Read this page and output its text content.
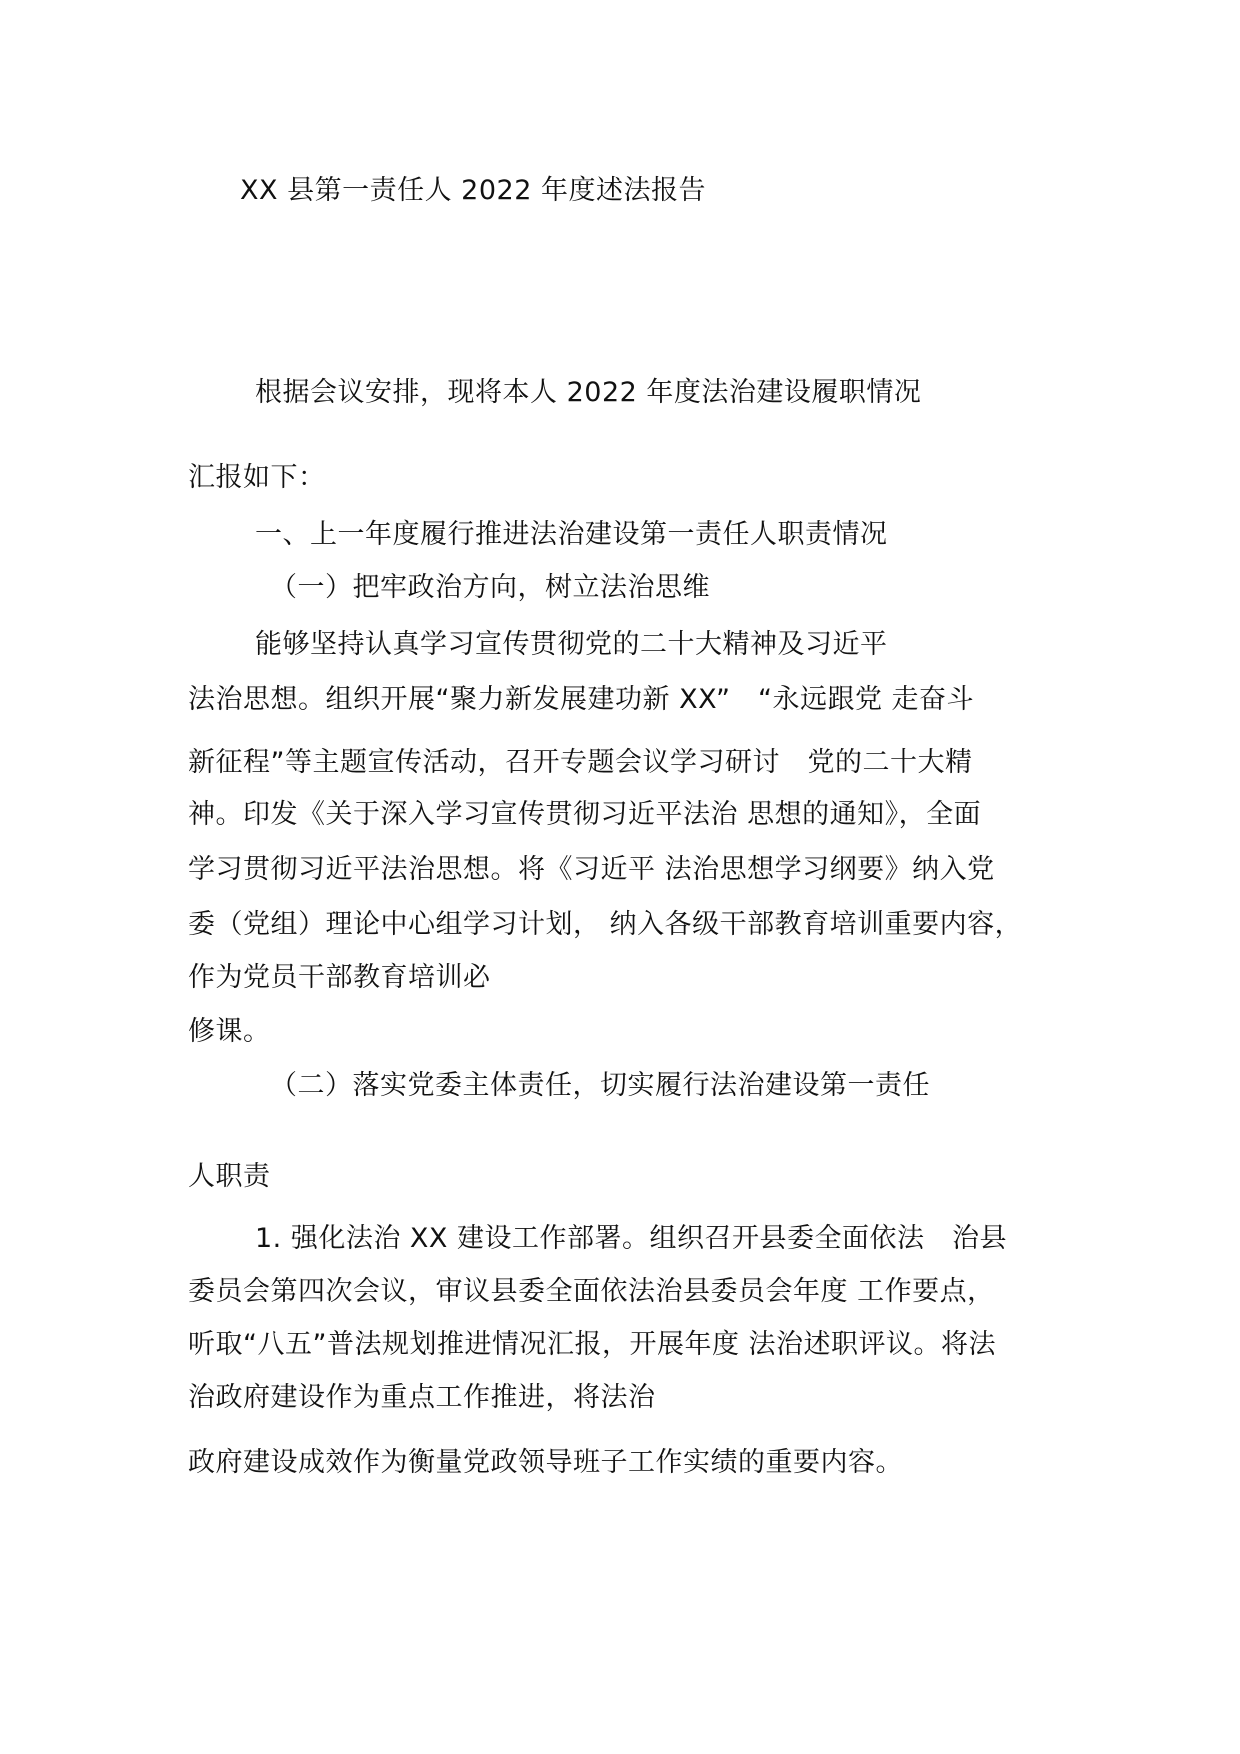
XX 县第一责任人 2022 年度述法报告
根据会议安排，现将本人 2022 年度法治建设履职情况
汇报如下：
一、上一年度履行推进法治建设第一责任人职责情况
（一）把牢政治方向，树立法治思维
能够坚持认真学习宣传贯彻党的二十大精神及习近平
法治思想。组织开展“聚力新发展建功新 XX”　“永远跟党 走奋斗
新征程”等主题宣传活动，召开专题会议学习研讨　党的二十大精
神。印发《关于深入学习宣传贯彻习近平法治 思想的通知》，全面
学习贯彻习近平法治思想。将《习近平 法治思想学习纲要》纳入党
委（党组）理论中心组学习计划， 纳入各级干部教育培训重要内容，
作为党员干部教育培训必
修课。
（二）落实党委主体责任，切实履行法治建设第一责任
人职责
1. 强化法治 XX 建设工作部署。组织召开县委全面依法　治县
委员会第四次会议，审议县委全面依法治县委员会年度 工作要点，
听取“八五”普法规划推进情况汇报，开展年度 法治述职评议。将法
治政府建设作为重点工作推进，将法治
政府建设成效作为衡量党政领导班子工作实绩的重要内容。
